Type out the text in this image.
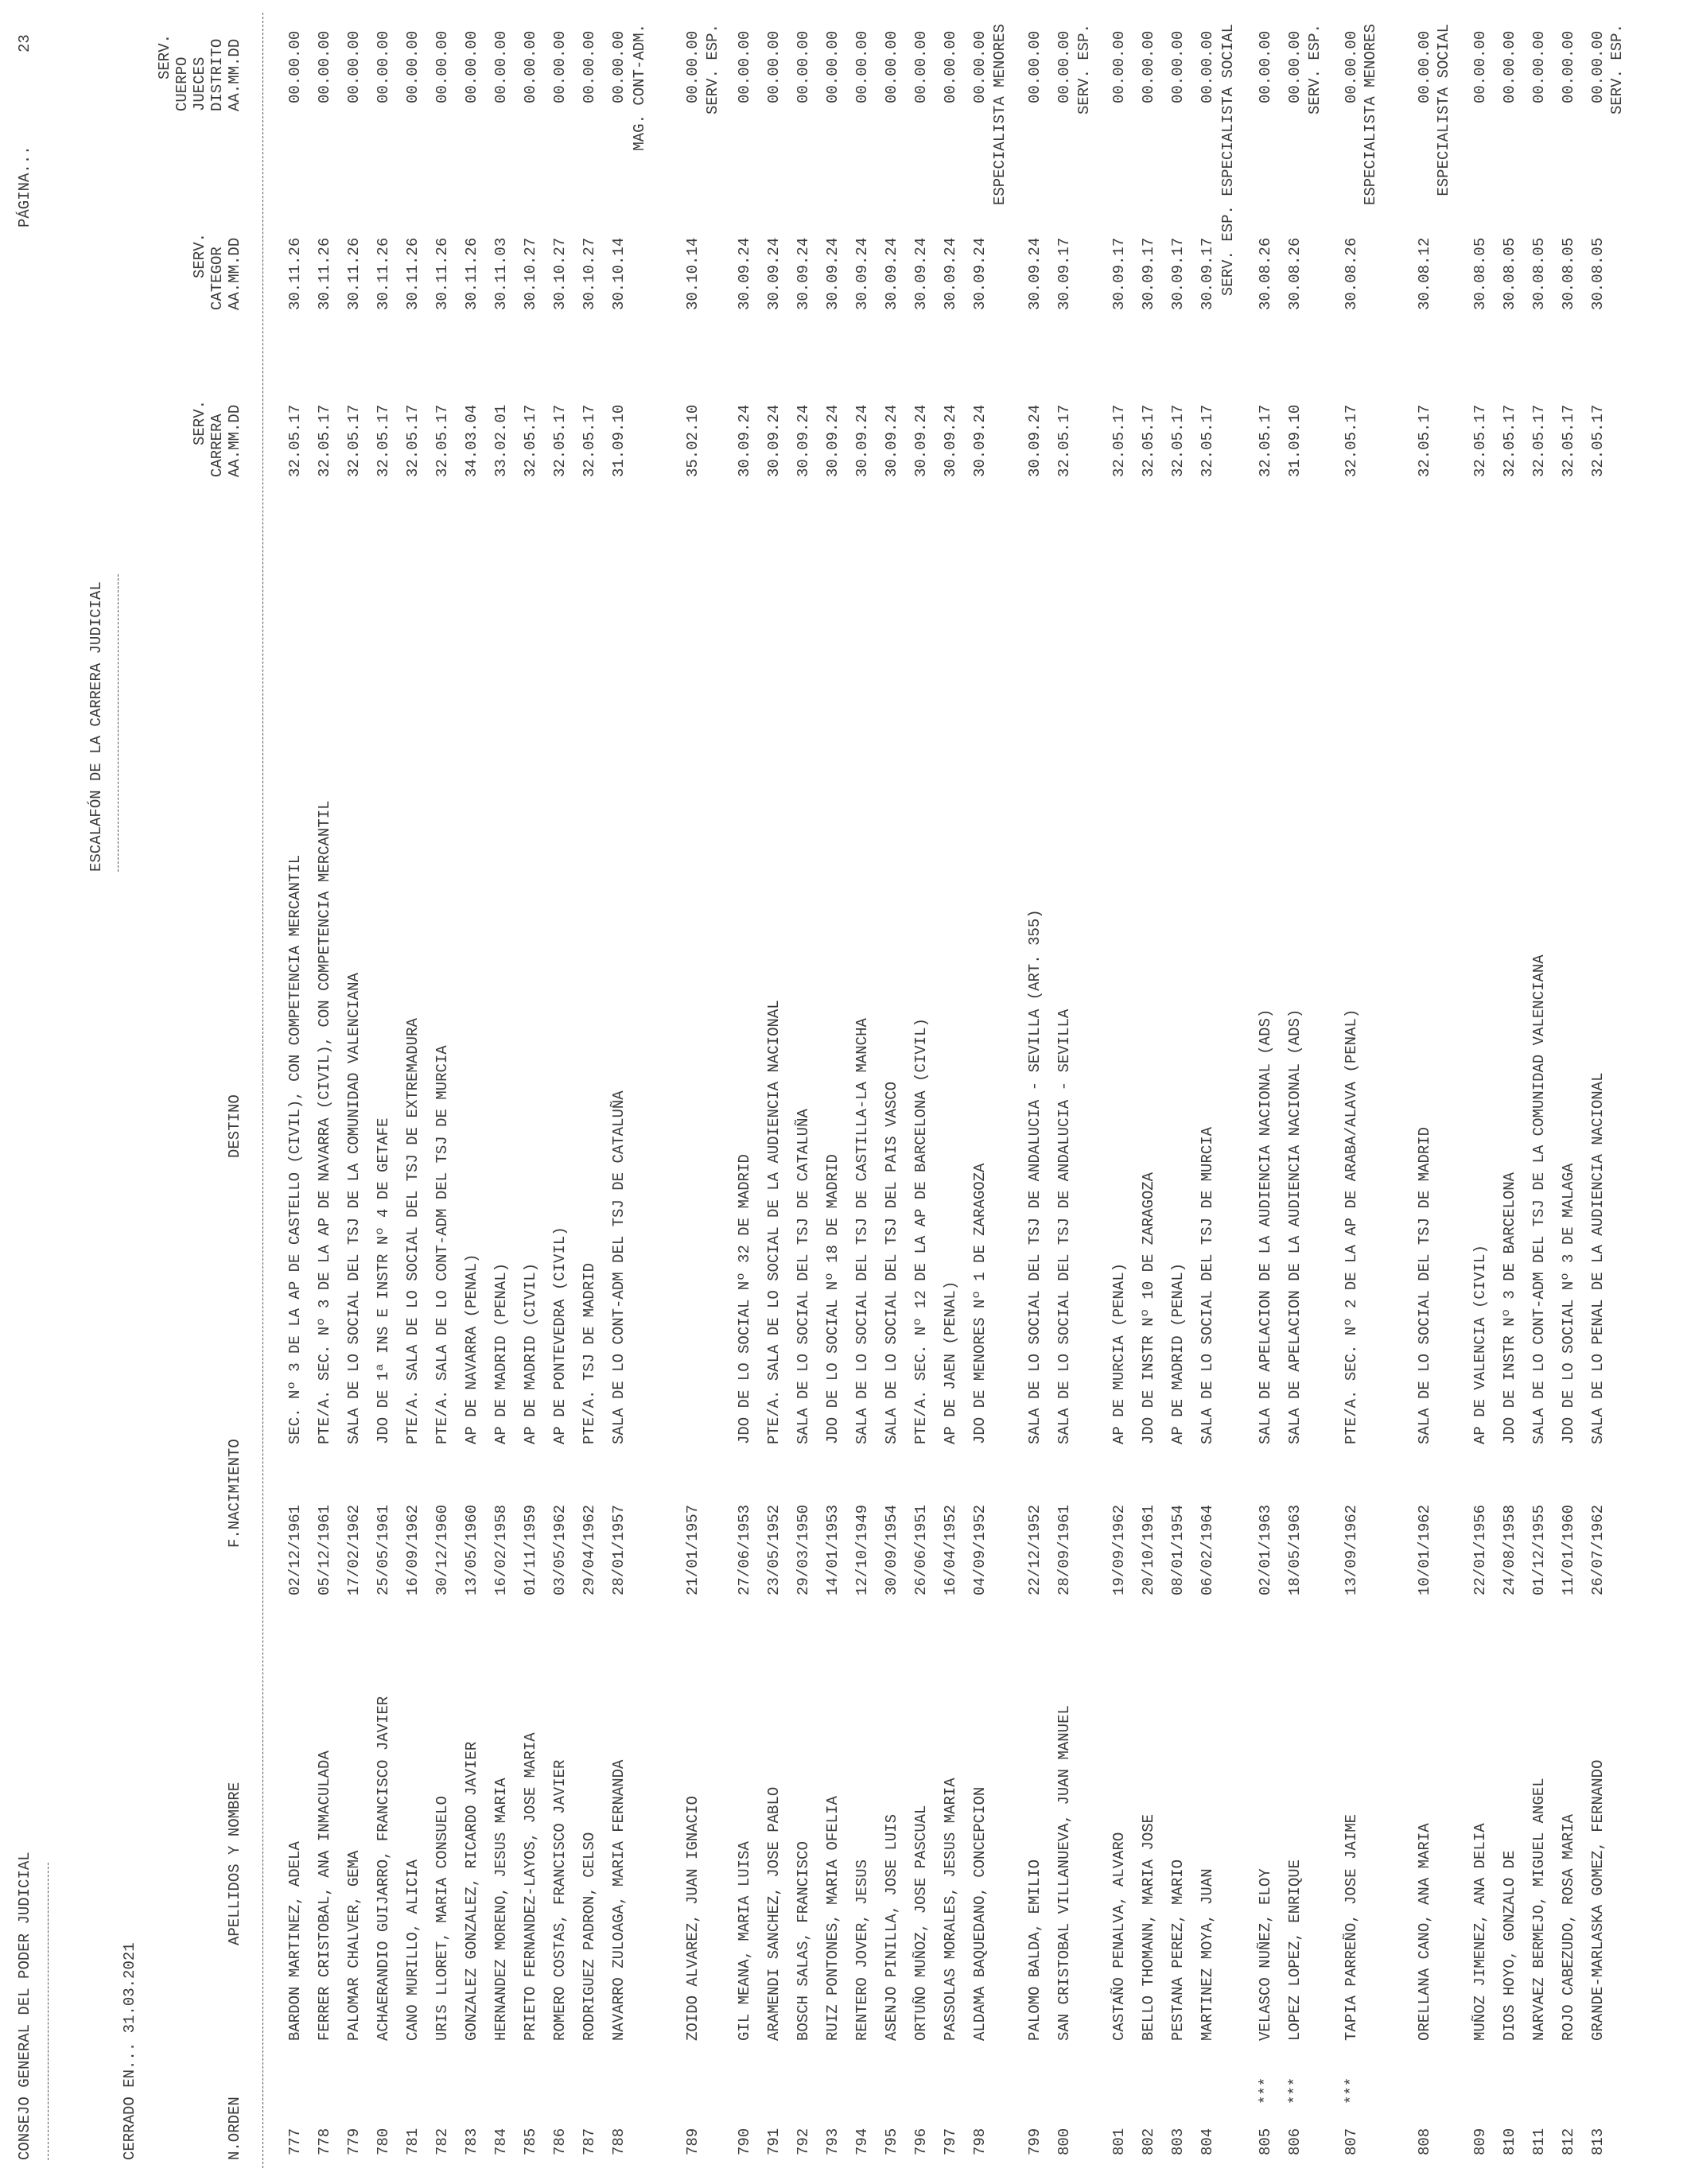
CONSEJO GENERAL DEL PODER JUDICIAL
ESCALAFÓN DE LA CARRERA JUDICIAL
PÁGINA...
23
CERRADO EN... 31.03.2021
SERV.
CUERPO JUECES DISTRITO AA.MM.DD
SERV. CARRERA AA.MM.DD
SERV. CATEGOR AA.MM.DD
N.ORDEN
APELLIDOS Y NOMBRE
F.NACIMIENTO
DESTINO
777
BARDON MARTINEZ, ADELA
02/12/1961
SEC. Nº 3 DE LA AP DE CASTELLO (CIVIL), CON COMPETENCIA MERCANTIL
32.05.17
30.11.26
00.00.00
778
FERRER CRISTOBAL, ANA INMACULADA
05/12/1961
PTE/A. SEC. Nº 3 DE LA AP DE NAVARRA (CIVIL), CON COMPETENCIA MERCANTIL
32.05.17
30.11.26
00.00.00
779
PALOMAR CHALVER, GEMA
17/02/1962
SALA DE LO SOCIAL DEL TSJ DE LA COMUNIDAD VALENCIANA
32.05.17
30.11.26
00.00.00
780
ACHAERANDIO GUIJARRO, FRANCISCO JAVIER
25/05/1961
JDO DE 1ª INS E INSTR Nº 4 DE GETAFE
32.05.17
30.11.26
00.00.00
781
CANO MURILLO, ALICIA
16/09/1962
PTE/A. SALA DE LO SOCIAL DEL TSJ DE EXTREMADURA
32.05.17
30.11.26
00.00.00
782
URIS LLORET, MARIA CONSUELO
30/12/1960
PTE/A. SALA DE LO CONT-ADM DEL TSJ DE MURCIA
32.05.17
30.11.26
00.00.00
783
GONZALEZ GONZALEZ, RICARDO JAVIER
13/05/1960
AP DE NAVARRA (PENAL)
34.03.04
30.11.26
00.00.00
784
HERNANDEZ MORENO, JESUS MARIA
16/02/1958
AP DE MADRID (PENAL)
33.02.01
30.11.03
00.00.00
785
PRIETO FERNANDEZ-LAYOS, JOSE MARIA
01/11/1959
AP DE MADRID (CIVIL)
32.05.17
30.10.27
00.00.00
786
ROMERO COSTAS, FRANCISCO JAVIER
03/05/1962
AP DE PONTEVEDRA (CIVIL)
32.05.17
30.10.27
00.00.00
787
RODRIGUEZ PADRON, CELSO
29/04/1962
PTE/A. TSJ DE MADRID
32.05.17
30.10.27
00.00.00
788
NAVARRO ZULOAGA, MARIA FERNANDA
28/01/1957
SALA DE LO CONT-ADM DEL TSJ DE CATALUÑA
31.09.10
30.10.14
00.00.00 MAG. CONT-ADM.
789
ZOIDO ALVAREZ, JUAN IGNACIO
21/01/1957
35.02.10
30.10.14
00.00.00 SERV. ESP.
790
GIL MEANA, MARIA LUISA
27/06/1953
JDO DE LO SOCIAL Nº 32 DE MADRID
30.09.24
30.09.24
00.00.00
791
ARAMENDI SANCHEZ, JOSE PABLO
23/05/1952
PTE/A. SALA DE LO SOCIAL DE LA AUDIENCIA NACIONAL
30.09.24
30.09.24
00.00.00
792
BOSCH SALAS, FRANCISCO
29/03/1950
SALA DE LO SOCIAL DEL TSJ DE CATALUÑA
30.09.24
30.09.24
00.00.00
793
RUIZ PONTONES, MARIA OFELIA
14/01/1953
JDO DE LO SOCIAL Nº 18 DE MADRID
30.09.24
30.09.24
00.00.00
794
RENTERO JOVER, JESUS
12/10/1949
SALA DE LO SOCIAL DEL TSJ DE CASTILLA-LA MANCHA
30.09.24
30.09.24
00.00.00
795
ASENJO PINILLA, JOSE LUIS
30/09/1954
SALA DE LO SOCIAL DEL TSJ DEL PAIS VASCO
30.09.24
30.09.24
00.00.00
796
ORTUÑO MUÑOZ, JOSE PASCUAL
26/06/1951
PTE/A. SEC. Nº 12 DE LA AP DE BARCELONA (CIVIL)
30.09.24
30.09.24
00.00.00
797
PASSOLAS MORALES, JESUS MARIA
16/04/1952
AP DE JAEN (PENAL)
30.09.24
30.09.24
00.00.00
798
ALDAMA BAQUEDANO, CONCEPCION
04/09/1952
JDO DE MENORES Nº 1 DE ZARAGOZA
30.09.24
30.09.24
00.00.00 ESPECIALISTA MENORES
799
PALOMO BALDA, EMILIO
22/12/1952
SALA DE LO SOCIAL DEL TSJ DE ANDALUCIA - SEVILLA (ART. 355)
30.09.24
30.09.24
00.00.00
800
SAN CRISTOBAL VILLANUEVA, JUAN MANUEL
28/09/1961
SALA DE LO SOCIAL DEL TSJ DE ANDALUCIA - SEVILLA
32.05.17
30.09.17
00.00.00 SERV. ESP.
801
CASTAÑO PENALVA, ALVARO
19/09/1962
AP DE MURCIA (PENAL)
32.05.17
30.09.17
00.00.00
802
BELLO THOMANN, MARIA JOSE
20/10/1961
JDO DE INSTR Nº 10 DE ZARAGOZA
32.05.17
30.09.17
00.00.00
803
PESTANA PEREZ, MARIO
08/01/1954
AP DE MADRID (PENAL)
32.05.17
30.09.17
00.00.00
804
MARTINEZ MOYA, JUAN
06/02/1964
SALA DE LO SOCIAL DEL TSJ DE MURCIA
32.05.17
30.09.17
00.00.00 SERV. ESP. ESPECIALISTA SOCIAL
805
***
VELASCO NUÑEZ, ELOY
02/01/1963
SALA DE APELACION DE LA AUDIENCIA NACIONAL (ADS)
32.05.17
30.08.26
00.00.00
806
***
LOPEZ LOPEZ, ENRIQUE
18/05/1963
SALA DE APELACION DE LA AUDIENCIA NACIONAL (ADS)
31.09.10
30.08.26
00.00.00 SERV. ESP.
807
***
TAPIA PARREÑO, JOSE JAIME
13/09/1962
PTE/A. SEC. Nº 2 DE LA AP DE ARABA/ALAVA (PENAL)
32.05.17
30.08.26
00.00.00 ESPECIALISTA MENORES
808
ORELLANA CANO, ANA MARIA
10/01/1962
SALA DE LO SOCIAL DEL TSJ DE MADRID
32.05.17
30.08.12
00.00.00 ESPECIALISTA SOCIAL
809
MUÑOZ JIMENEZ, ANA DELIA
22/01/1956
AP DE VALENCIA (CIVIL)
32.05.17
30.08.05
00.00.00
810
DIOS HOYO, GONZALO DE
24/08/1958
JDO DE INSTR Nº 3 DE BARCELONA
32.05.17
30.08.05
00.00.00
811
NARVAEZ BERMEJO, MIGUEL ANGEL
01/12/1955
SALA DE LO CONT-ADM DEL TSJ DE LA COMUNIDAD VALENCIANA
32.05.17
30.08.05
00.00.00
812
ROJO CABEZUDO, ROSA MARIA
11/01/1960
JDO DE LO SOCIAL Nº 3 DE MALAGA
32.05.17
30.08.05
00.00.00
813
GRANDE-MARLASKA GOMEZ, FERNANDO
26/07/1962
SALA DE LO PENAL DE LA AUDIENCIA NACIONAL
32.05.17
30.08.05
00.00.00 SERV. ESP.
